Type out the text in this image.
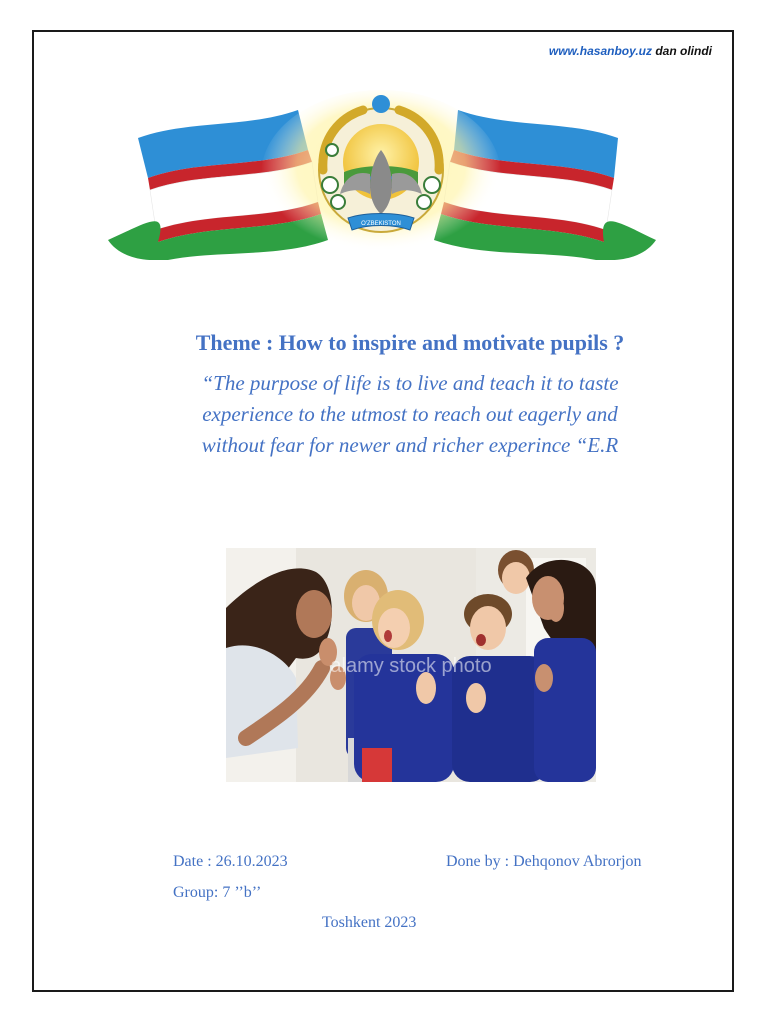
www.hasanboy.uz dan olindi
O'ZBEKISTON
Theme : How to inspire and motivate pupils ?
“The purpose of life is to live and teach it to taste
experience to the utmost to reach out eagerly and
without fear for newer and richer experince “E.R
alamy stock photo
Date : 26.10.2023
Group: 7 ’’b’’
Done by : Dehqonov Abrorjon
Toshkent 2023
